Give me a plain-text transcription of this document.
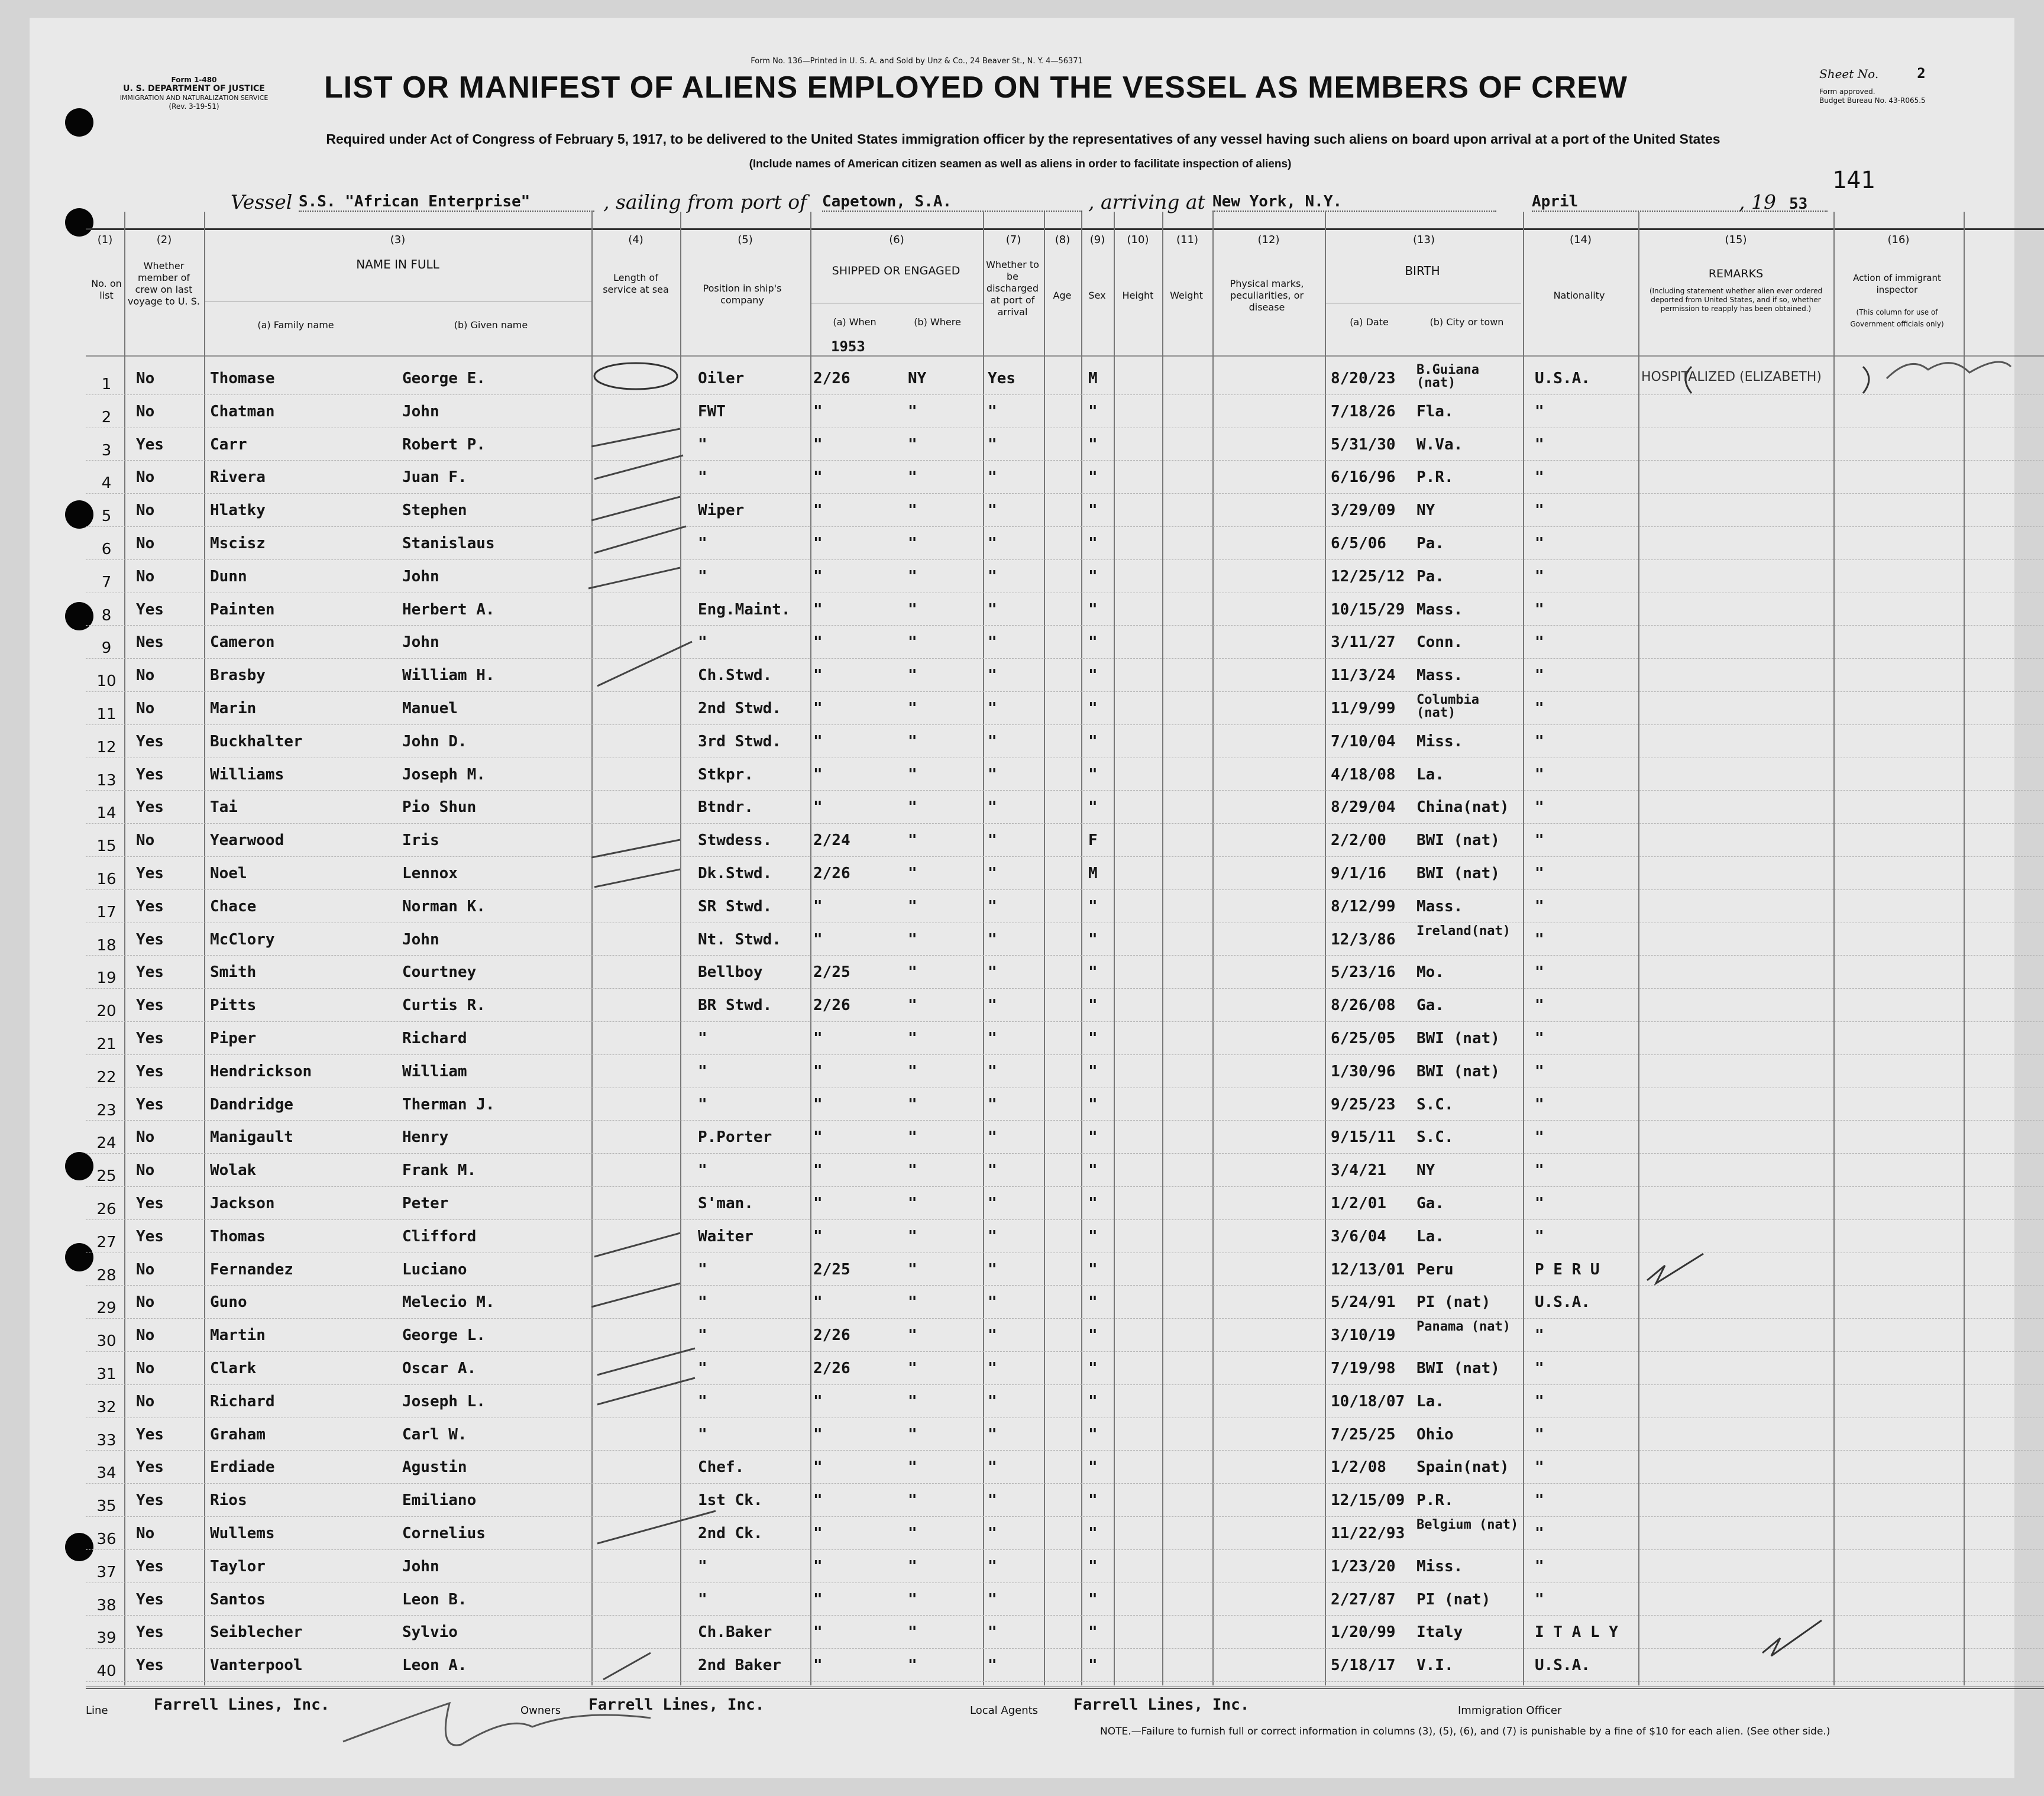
Form 1-480
U. S. DEPARTMENT OF JUSTICE
IMMIGRATION AND NATURALIZATION SERVICE
(Rev. 3-19-51)
Form No. 136—Printed in U. S. A. and Sold by Unz & Co., 24 Beaver St., N. Y. 4—56371
LIST OR MANIFEST OF ALIENS EMPLOYED ON THE VESSEL AS MEMBERS OF CREW
Required under Act of Congress of February 5, 1917, to be delivered to the United States immigration officer by the representatives of any vessel having such aliens on board upon arrival at a port of the United States
(Include names of American citizen seamen as well as aliens in order to facilitate inspection of aliens)
Sheet No.	2
Form approved.
Budget Bureau No. 43-R065.5
141
Vessel S.S. "African Enterprise"	, sailing from port of Capetown, S.A.	, arriving at New York, N.Y.	April	, 19 53
(1)	(2)	(3)	(4)	(5)	(6)	(7)	(8)	(9)	(10)	(11)	(12)	(13)	(14)	(15)	(16)
No. on list
Whether member of crew on last voyage to U. S.
NAME IN FULL
(a) Family name	(b) Given name
Length of service at sea	Position in ship's company
SHIPPED OR ENGAGED
(a) When
1953
(b) Where
Whether to be discharged at port of arrival
Age	Sex	Height	Weight
Physical marks, peculiarities, or disease
BIRTH
(a) Date	(b) City or town
Nationality
REMARKS
(Including statement whether alien ever ordered deported from United States, and if so, whether permission to reapply has been obtained.)
Action of immigrant inspector
(This column for use of Government officials only)
1	No	Thomase	George E.	Oiler	2/26	NY	Yes	M	8/20/23 B.Guiana (nat)	U.S.A.	HOSPITALIZED (ELIZABETH)
2	No	Chatman	John	FWT	"	"	"	"	7/18/26 Fla.	"
3	Yes	Carr	Robert P.	"	"	"	"	"	5/31/30 W.Va.	"
4	No	Rivera	Juan F.	"	"	"	"	"	6/16/96 P.R.	"
5	No	Hlatky	Stephen	Wiper	"	"	"	"	3/29/09 NY	"
6	No	Mscisz	Stanislaus	"	"	"	"	"	6/5/06 Pa.	"
7	No	Dunn	John	"	"	"	"	"	12/25/12 Pa.	"
8	Yes	Painten	Herbert A.	Eng.Maint. "	"	"	"	10/15/29 Mass.	"
9	Nes	Cameron	John	"	"	"	"	"	3/11/27 Conn.	"
10	No	Brasby	William H.	Ch.Stwd.	"	"	"	"	11/3/24 Mass.	"
11	No	Marin	Manuel	2nd Stwd. "	"	"	"	11/9/99 Columbia (nat)	"
12	Yes	Buckhalter	John D.	3rd Stwd. "	"	"	"	7/10/04 Miss.	"
13	Yes	Williams	Joseph M.	Stkpr.	"	"	"	"	4/18/08 La.	"
14	Yes	Tai	Pio Shun	Btndr.	"	"	"	"	8/29/04 China(nat) "
15	No	Yearwood	Iris	Stwdess.	2/24	"	"	F	2/2/00 BWI (nat) "
16	Yes	Noel	Lennox	Dk.Stwd.	2/26	"	"	M	9/1/16 BWI (nat) "
17	Yes	Chace	Norman K.	SR Stwd.	"	"	"	"	8/12/99 Mass.	"
18	Yes	McClory	John	Nt. Stwd. "	"	"	"	12/3/86 Ireland(nat) "
19	Yes	Smith	Courtney	Bellboy	2/25	"	"	"	5/23/16 Mo.	"
20	Yes	Pitts	Curtis R.	BR Stwd.	2/26	"	"	"	8/26/08 Ga.	"
21	Yes	Piper	Richard	"	"	"	"	"	6/25/05 BWI (nat) "
22	Yes	Hendrickson	William	"	"	"	"	"	1/30/96 BWI (nat) "
23	Yes	Dandridge	Therman J.	"	"	"	"	"	9/25/23 S.C.	"
24	No	Manigault	Henry	P.Porter	"	"	"	"	9/15/11 S.C.	"
25	No	Wolak	Frank M.	"	"	"	"	"	3/4/21 NY	"
26	Yes	Jackson	Peter	S'man.	"	"	"	"	1/2/01 Ga.	"
27	Yes	Thomas	Clifford	Waiter	"	"	"	"	3/6/04 La.	"
28	No	Fernandez	Luciano	"	2/25	"	"	"	12/13/01 Peru	P E R U
29	No	Guno	Melecio M.	"	"	"	"	"	5/24/91 PI (nat)	U.S.A.
30	No	Martin	George L.	"	2/26	"	"	"	3/10/19 Panama (nat) "
31	No	Clark	Oscar A.	"	2/26	"	"	"	7/19/98 BWI (nat) "
32	No	Richard	Joseph L.	"	"	"	"	"	10/18/07 La.	"
33	Yes	Graham	Carl W.	"	"	"	"	"	7/25/25 Ohio	"
34	Yes	Erdiade	Agustin	Chef.	"	"	"	"	1/2/08 Spain(nat) "
35	Yes	Rios	Emiliano	1st Ck.	"	"	"	"	12/15/09 P.R.	"
36	No	Wullems	Cornelius	2nd Ck.	"	"	"	"	11/22/93 Belgium (nat) "
37	Yes	Taylor	John	"	"	"	"	"	1/23/20 Miss.	"
38	Yes	Santos	Leon B.	"	"	"	"	"	2/27/87 PI (nat)	"
39	Yes	Seiblecher	Sylvio	Ch.Baker	"	"	"	"	1/20/99 Italy	I T A L Y
40	Yes	Vanterpool	Leon A.	2nd Baker "	"	"	"	5/18/17 V.I.	U.S.A.
Line	Farrell Lines, Inc.	Owners Farrell Lines, Inc.	Local Agents Farrell Lines, Inc.	Immigration Officer
NOTE.—Failure to furnish full or correct information in columns (3), (5), (6), and (7) is punishable by a fine of $10 for each alien. (See other side.)
